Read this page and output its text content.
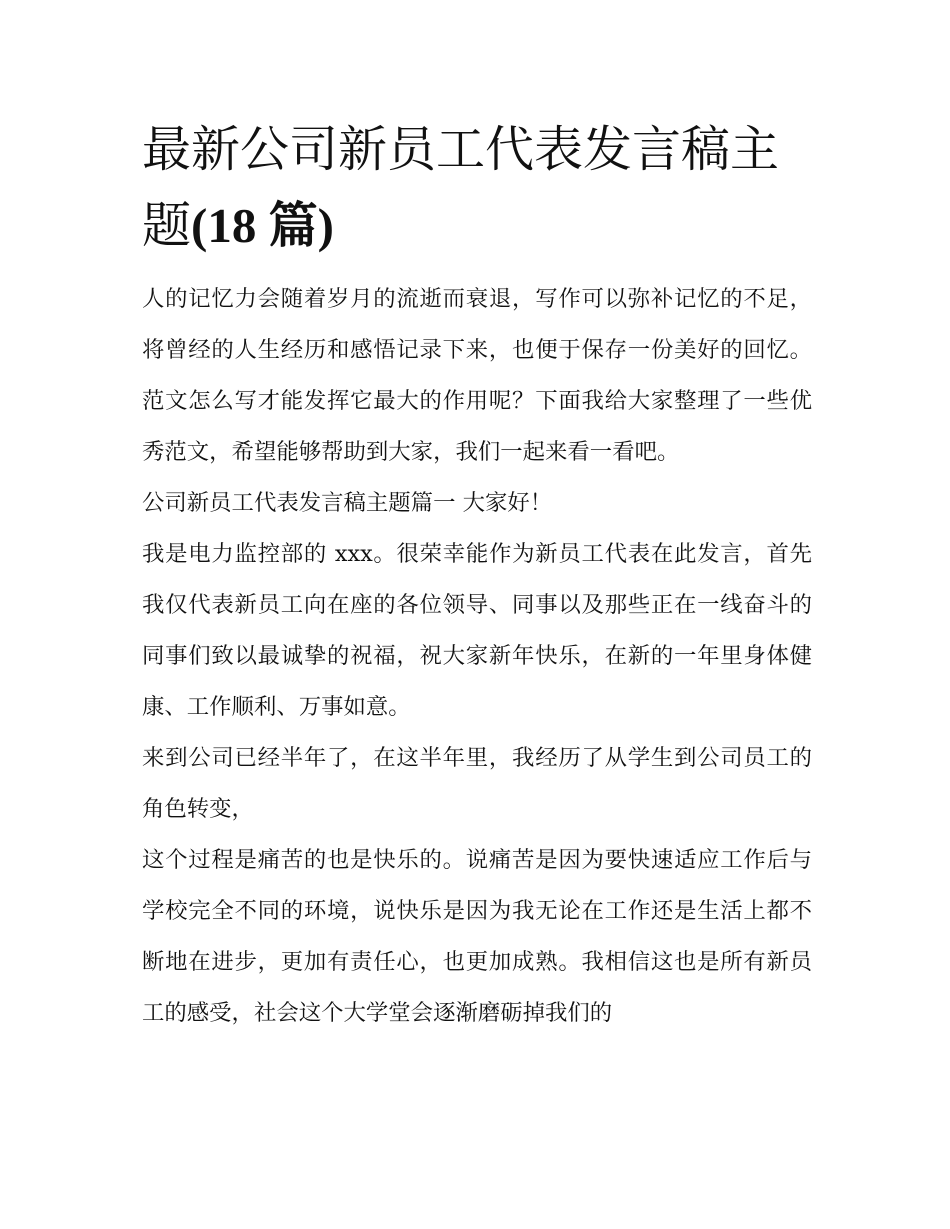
最新公司新员工代表发言稿主
题(18 篇)

人的记忆力会随着岁月的流逝而衰退，写作可以弥补记忆的不足，将曾经的人生经历和感悟记录下来，也便于保存一份美好的回忆。范文怎么写才能发挥它最大的作用呢？下面我给大家整理了一些优秀范文，希望能够帮助到大家，我们一起来看一看吧。

公司新员工代表发言稿主题篇一 大家好！

我是电力监控部的 xxx。很荣幸能作为新员工代表在此发言，首先我仅代表新员工向在座的各位领导、同事以及那些正在一线奋斗的同事们致以最诚挚的祝福，祝大家新年快乐，在新的一年里身体健康、工作顺利、万事如意。

来到公司已经半年了，在这半年里，我经历了从学生到公司员工的角色转变，

这个过程是痛苦的也是快乐的。说痛苦是因为要快速适应工作后与学校完全不同的环境，说快乐是因为我无论在工作还是生活上都不断地在进步，更加有责任心，也更加成熟。我相信这也是所有新员工的感受，社会这个大学堂会逐渐磨砺掉我们的
